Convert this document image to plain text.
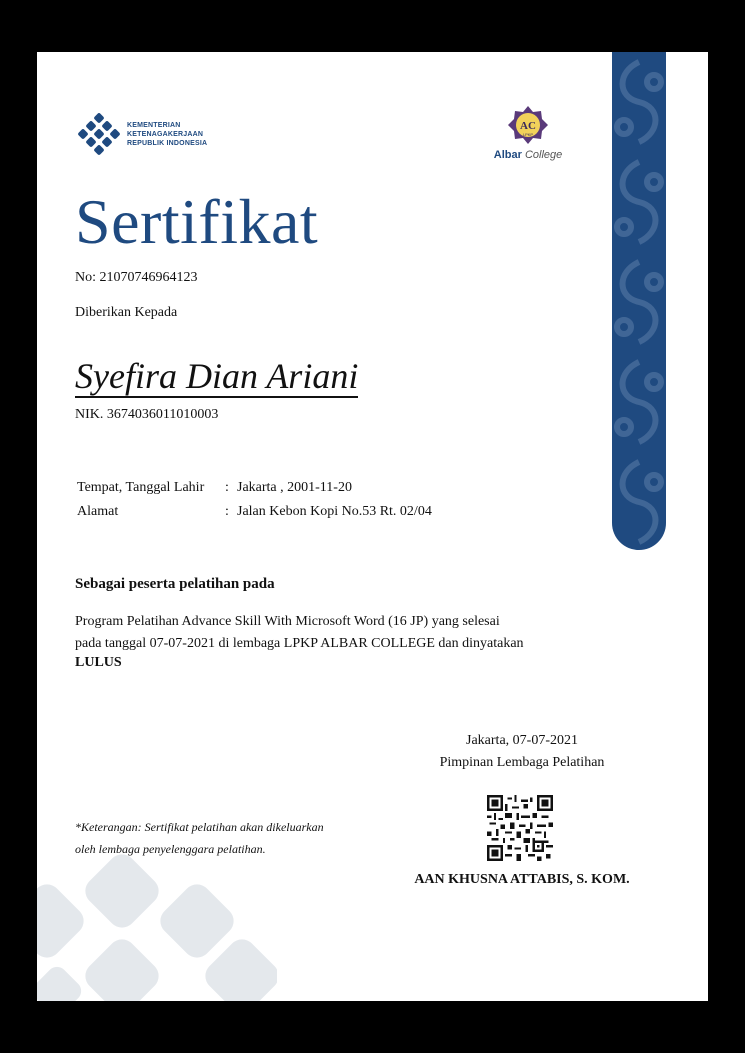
KEMENTERIAN
KETENAGAKERJAAN
REPUBLIK INDONESIA
AC
LPKP
Albar College
Sertifikat
No: 21070746964123
Diberikan Kepada
Syefira Dian Ariani
NIK. 3674036011010003
Tempat, Tanggal Lahir	:	Jakarta , 2001-11-20
Alamat	:	Jalan Kebon Kopi No.53 Rt. 02/04
Sebagai peserta pelatihan pada
Program Pelatihan Advance Skill With Microsoft Word (16 JP) yang selesai
pada tanggal 07-07-2021 di lembaga LPKP ALBAR COLLEGE dan dinyatakan
LULUS
Jakarta, 07-07-2021
Pimpinan Lembaga Pelatihan
AAN KHUSNA ATTABIS, S. KOM.
*Keterangan: Sertifikat pelatihan akan dikeluarkan
oleh lembaga penyelenggara pelatihan.
